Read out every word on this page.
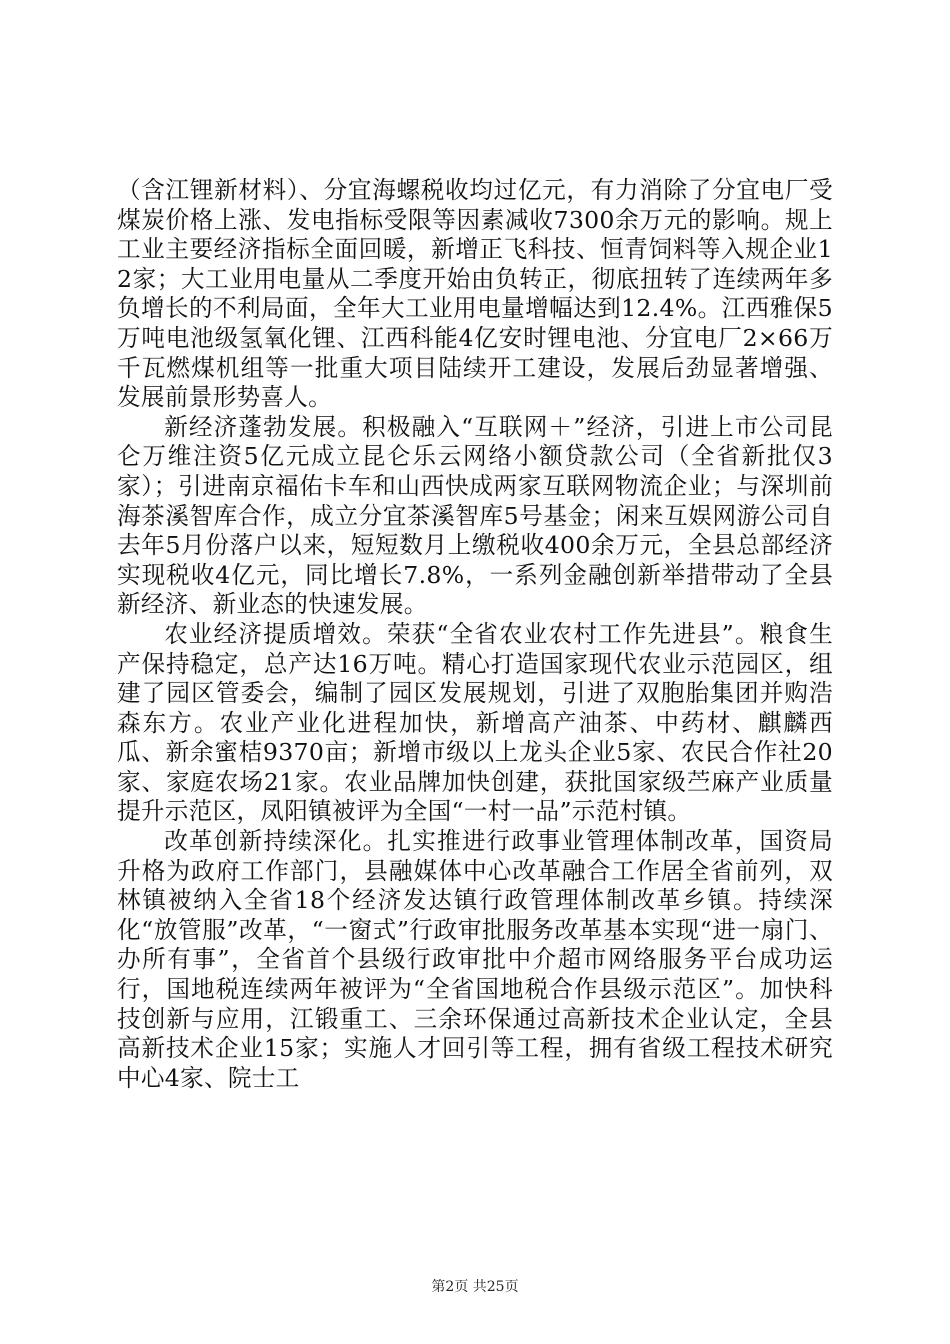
（含江锂新材料）、分宜海螺税收均过亿元，有力消除了分宜电厂受煤炭价格上涨、发电指标受限等因素减收7300余万元的影响。规上工业主要经济指标全面回暖，新增正飞科技、恒青饲料等入规企业12家；大工业用电量从二季度开始由负转正，彻底扭转了连续两年多负增长的不利局面，全年大工业用电量增幅达到12.4%。江西雅保5万吨电池级氢氧化锂、江西科能4亿安时锂电池、分宜电厂2×66万千瓦燃煤机组等一批重大项目陆续开工建设，发展后劲显著增强、发展前景形势喜人。

新经济蓬勃发展。积极融入“互联网＋”经济，引进上市公司昆仑万维注资5亿元成立昆仑乐云网络小额贷款公司（全省新批仅3家）；引进南京福佑卡车和山西快成两家互联网物流企业；与深圳前海茶溪智库合作，成立分宜茶溪智库5号基金；闲来互娱网游公司自去年5月份落户以来，短短数月上缴税收400余万元，全县总部经济实现税收4亿元，同比增长7.8%，一系列金融创新举措带动了全县新经济、新业态的快速发展。

农业经济提质增效。荣获“全省农业农村工作先进县”。粮食生产保持稳定，总产达16万吨。精心打造国家现代农业示范园区，组建了园区管委会，编制了园区发展规划，引进了双胞胎集团并购浩森东方。农业产业化进程加快，新增高产油茶、中药材、麒麟西瓜、新余蜜桔9370亩；新增市级以上龙头企业5家、农民合作社20家、家庭农场21家。农业品牌加快创建，获批国家级苎麻产业质量提升示范区，凤阳镇被评为全国“一村一品”示范村镇。

改革创新持续深化。扎实推进行政事业管理体制改革，国资局升格为政府工作部门，县融媒体中心改革融合工作居全省前列，双林镇被纳入全省18个经济发达镇行政管理体制改革乡镇。持续深化“放管服”改革，“一窗式”行政审批服务改革基本实现“进一扇门、办所有事”，全省首个县级行政审批中介超市网络服务平台成功运行，国地税连续两年被评为“全省国地税合作县级示范区”。加快科技创新与应用，江锻重工、三余环保通过高新技术企业认定，全县高新技术企业15家；实施人才回引等工程，拥有省级工程技术研究中心4家、院士工

第2页 共25页
